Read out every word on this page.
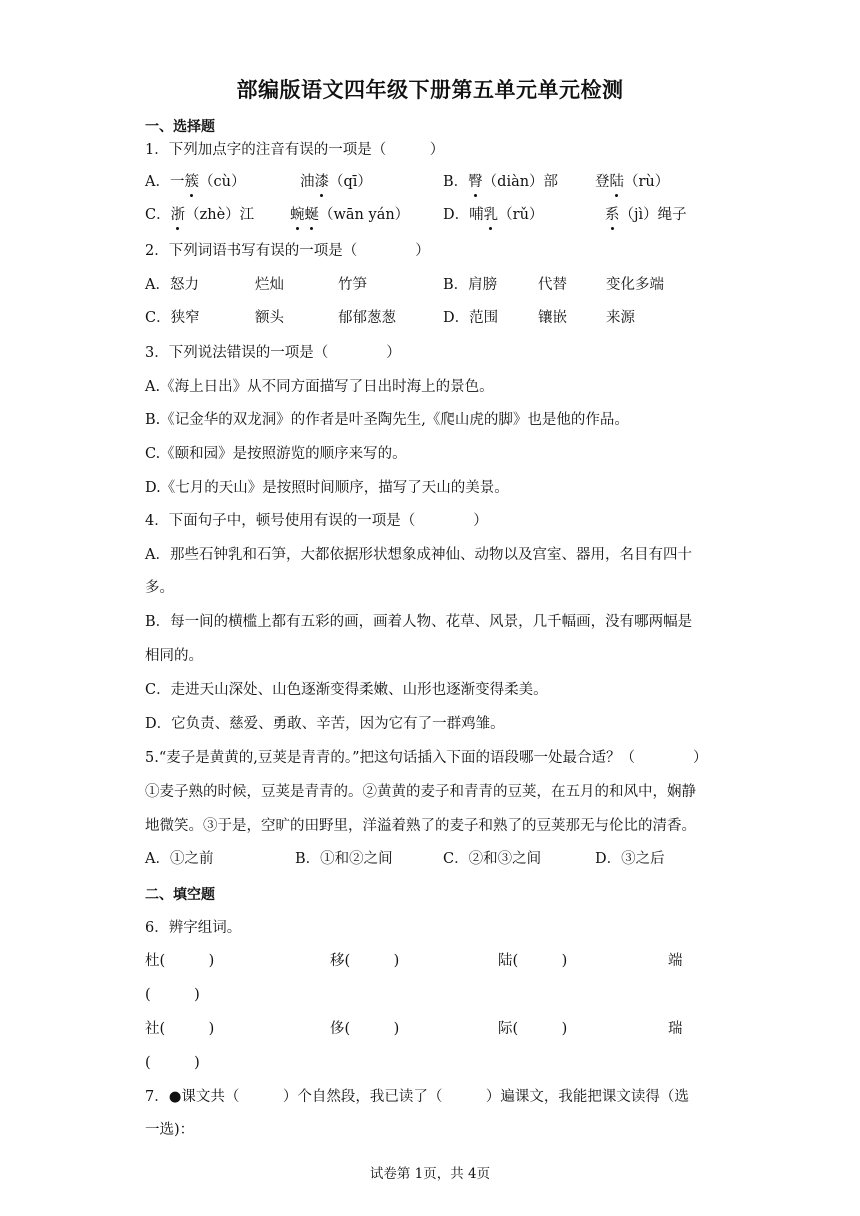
部编版语文四年级下册第五单元单元检测
一、选择题
1．下列加点字的注音有误的一项是（　　　）
A．一簇（cù）	油漆（qī）	B．臀（diàn）部	登陆（rù）
C．浙（zhè）江 蜿蜒（wān yán） D．哺乳（rǔ）	系（jì）绳子
2．下列词语书写有误的一项是（　　　　）
A．怒力	烂灿	竹笋	B．肩膀	代替	变化多端
C．狭窄	额头	郁郁葱葱	D．范围	镶嵌	来源
3．下列说法错误的一项是（　　　　）
A.《海上日出》从不同方面描写了日出时海上的景色。
B.《记金华的双龙洞》的作者是叶圣陶先生,《爬山虎的脚》也是他的作品。
C.《颐和园》是按照游览的顺序来写的。
D.《七月的天山》是按照时间顺序，描写了天山的美景。
4．下面句子中，顿号使用有误的一项是（　　　　）
A．那些石钟乳和石笋，大都依据形状想象成神仙、动物以及宫室、器用，名目有四十
多。
B．每一间的横槛上都有五彩的画，画着人物、花草、风景，几千幅画，没有哪两幅是
相同的。
C．走进天山深处、山色逐渐变得柔嫩、山形也逐渐变得柔美。
D．它负责、慈爱、勇敢、辛苦，因为它有了一群鸡雏。
5.“麦子是黄黄的,豆荚是青青的。”把这句话插入下面的语段哪一处最合适？（　　　　）
①麦子熟的时候，豆荚是青青的。②黄黄的麦子和青青的豆荚，在五月的和风中，娴静
地微笑。③于是，空旷的田野里，洋溢着熟了的麦子和熟了的豆荚那无与伦比的清香。
A．①之前	B．①和②之间	C．②和③之间	D．③之后
二、填空题
6．辨字组词。
杜(　　　)	移(　　　)	陆(　　　)	端
(　　　)
社(　　　)	侈(　　　)	际(　　　)	瑞
(　　　)
7．●课文共（　　　）个自然段，我已读了（　　　）遍课文，我能把课文读得（选
一选)：
试卷第 1页，共 4页
